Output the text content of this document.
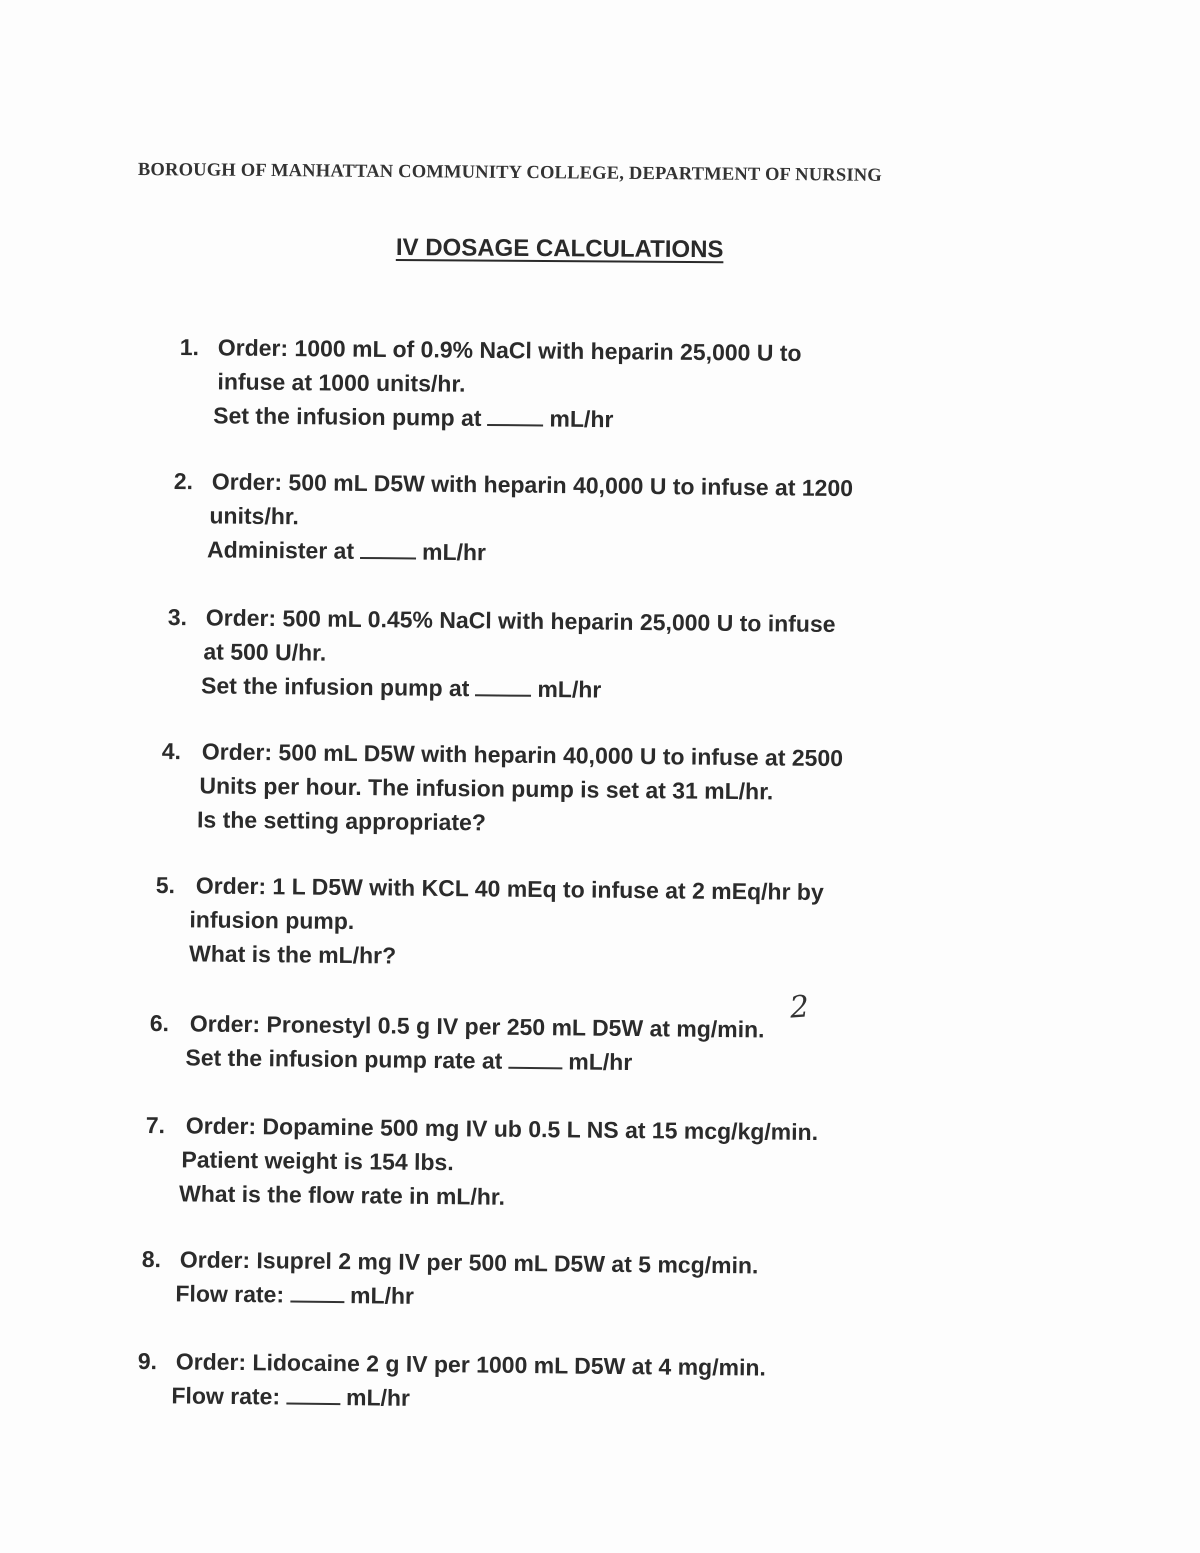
BOROUGH OF MANHATTAN COMMUNITY COLLEGE, DEPARTMENT OF NURSING
IV DOSAGE CALCULATIONS
1. Order: 1000 mL of 0.9% NaCl with heparin 25,000 U to
infuse at 1000 units/hr.
Set the infusion pump at	mL/hr
2. Order: 500 mL D5W with heparin 40,000 U to infuse at 1200
units/hr.
Administer at	mL/hr
3. Order: 500 mL 0.45% NaCl with heparin 25,000 U to infuse
at 500 U/hr.
Set the infusion pump at	mL/hr
4. Order: 500 mL D5W with heparin 40,000 U to infuse at 2500
Units per hour. The infusion pump is set at 31 mL/hr.
Is the setting appropriate?
5. Order: 1 L D5W with KCL 40 mEq to infuse at 2 mEq/hr by
infusion pump.
What is the mL/hr?
6. Order: Pronestyl 0.5 g IV per 250 mL D5W at mg/min.
Set the infusion pump rate at	mL/hr
2
7. Order: Dopamine 500 mg IV ub 0.5 L NS at 15 mcg/kg/min.
Patient weight is 154 lbs.
What is the flow rate in mL/hr.
8. Order: Isuprel 2 mg IV per 500 mL D5W at 5 mcg/min.
Flow rate:	mL/hr
9. Order: Lidocaine 2 g IV per 1000 mL D5W at 4 mg/min.
Flow rate:	mL/hr
